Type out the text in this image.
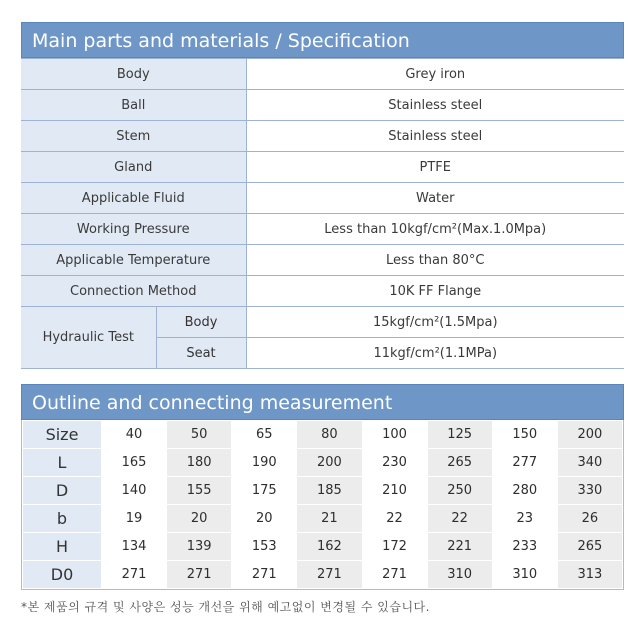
Main parts and materials / Specification
Body		Grey iron
Ball		Stainless steel
Stem		Stainless steel
Gland		PTFE
Applicable Fluid		Water
Working Pressure		Less than 10kgf/cm²(Max.1.0Mpa)
Applicable Temperature		Less than 80°C
Connection Method		10K FF Flange
Hydraulic Test	Body	15kgf/cm²(1.5Mpa)
	Seat	11kgf/cm²(1.1MPa)
Outline and connecting measurement
Size	40	50	65	80	100	125	150	200
L	165	180	190	200	230	265	277	340
D	140	155	175	185	210	250	280	330
b	19	20	20	21	22	22	23	26
H	134	139	153	162	172	221	233	265
D0	271	271	271	271	271	310	310	313
*본 제품의 규격 및 사양은 성능 개선을 위해 예고없이 변경될 수 있습니다.
